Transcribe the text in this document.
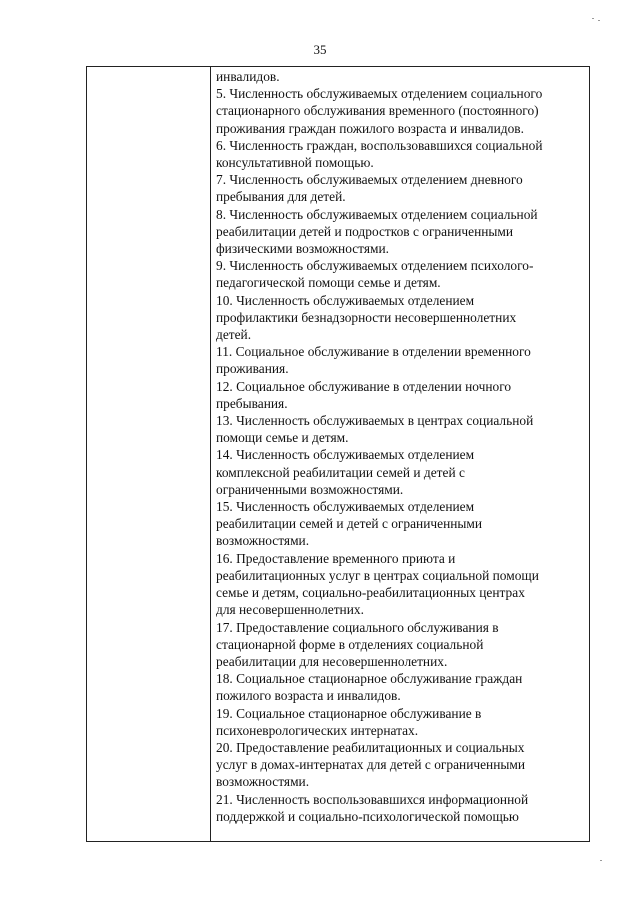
35
инвалидов.
5. Численность обслуживаемых отделением социального
стационарного обслуживания временного (постоянного)
проживания граждан пожилого возраста и инвалидов.
6. Численность граждан, воспользовавшихся социальной
консультативной помощью.
7. Численность обслуживаемых отделением дневного
пребывания для детей.
8. Численность обслуживаемых отделением социальной
реабилитации детей и подростков с ограниченными
физическими возможностями.
9. Численность обслуживаемых отделением психолого-
педагогической помощи семье и детям.
10. Численность обслуживаемых отделением
профилактики безнадзорности несовершеннолетних
детей.
11. Социальное обслуживание в отделении временного
проживания.
12. Социальное обслуживание в отделении ночного
пребывания.
13. Численность обслуживаемых в центрах социальной
помощи семье и детям.
14. Численность обслуживаемых отделением
комплексной реабилитации семей и детей с
ограниченными возможностями.
15. Численность обслуживаемых отделением
реабилитации семей и детей с ограниченными
возможностями.
16. Предоставление временного приюта и
реабилитационных услуг в центрах социальной помощи
семье и детям, социально-реабилитационных центрах
для несовершеннолетних.
17. Предоставление социального обслуживания в
стационарной форме в отделениях социальной
реабилитации для несовершеннолетних.
18. Социальное стационарное обслуживание граждан
пожилого возраста и инвалидов.
19. Социальное стационарное обслуживание в
психоневрологических интернатах.
20. Предоставление реабилитационных и социальных
услуг в домах-интернатах для детей с ограниченными
возможностями.
21. Численность воспользовавшихся информационной
поддержкой и социально-психологической помощью
